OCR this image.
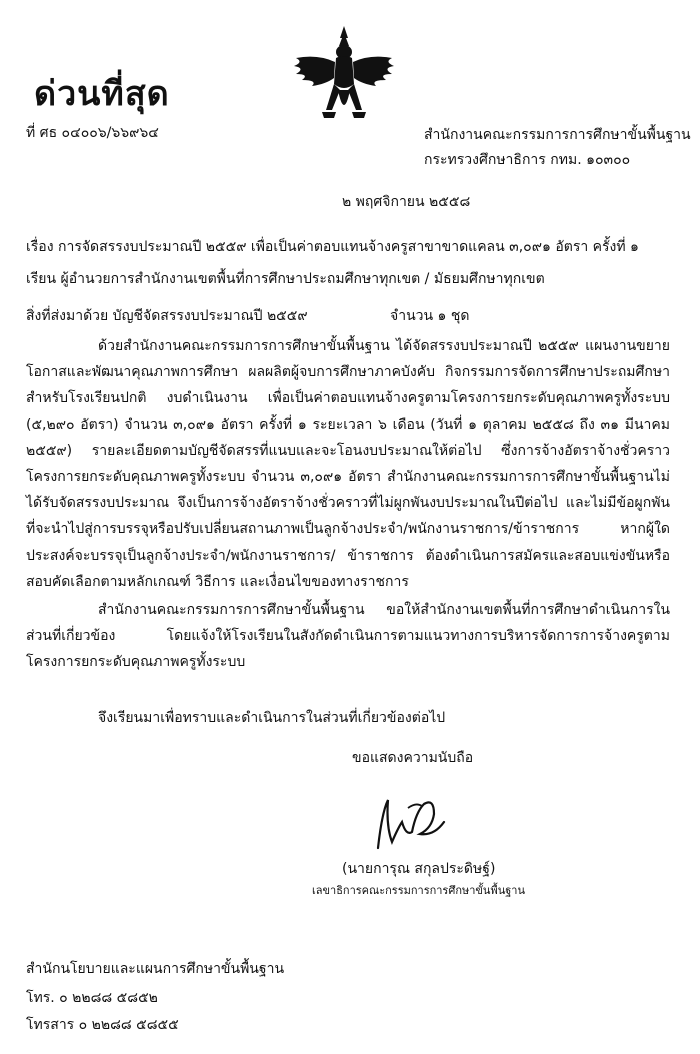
ด่วนที่สุด
ที่ ศธ ๐๔๐๐๖/๖๖๙๖๔	สำนักงานคณะกรรมการการศึกษาขั้นพื้นฐาน
กระทรวงศึกษาธิการ กทม. ๑๐๓๐๐
๒ พฤศจิกายน ๒๕๕๘
เรื่อง การจัดสรรงบประมาณปี ๒๕๕๙ เพื่อเป็นค่าตอบแทนจ้างครูสาขาขาดแคลน ๓,๐๙๑ อัตรา ครั้งที่ ๑
เรียน ผู้อำนวยการสำนักงานเขตพื้นที่การศึกษาประถมศึกษาทุกเขต / มัธยมศึกษาทุกเขต
สิ่งที่ส่งมาด้วย บัญชีจัดสรรงบประมาณปี ๒๕๕๙	จำนวน ๑ ชุด
ด้วยสำนักงานคณะกรรมการการศึกษาขั้นพื้นฐาน ได้จัดสรรงบประมาณปี ๒๕๕๙ แผนงานขยายโอกาสและพัฒนาคุณภาพการศึกษา ผลผลิตผู้จบการศึกษาภาคบังคับ กิจกรรมการจัดการศึกษาประถมศึกษาสำหรับโรงเรียนปกติ งบดำเนินงาน เพื่อเป็นค่าตอบแทนจ้างครูตามโครงการยกระดับคุณภาพครูทั้งระบบ (๕,๒๙๐ อัตรา) จำนวน ๓,๐๙๑ อัตรา ครั้งที่ ๑ ระยะเวลา ๖ เดือน (วันที่ ๑ ตุลาคม ๒๕๕๘ ถึง ๓๑ มีนาคม ๒๕๕๙) รายละเอียดตามบัญชีจัดสรรที่แนบและจะโอนงบประมาณให้ต่อไป ซึ่งการจ้างอัตราจ้างชั่วคราวโครงการยกระดับคุณภาพครูทั้งระบบ จำนวน ๓,๐๙๑ อัตรา สำนักงานคณะกรรมการการศึกษาขั้นพื้นฐานไม่ได้รับจัดสรรงบประมาณ จึงเป็นการจ้างอัตราจ้างชั่วคราวที่ไม่ผูกพันงบประมาณในปีต่อไป และไม่มีข้อผูกพันที่จะนำไปสู่การบรรจุหรือปรับเปลี่ยนสถานภาพเป็นลูกจ้างประจำ/พนักงานราชการ/ข้าราชการ หากผู้ใดประสงค์จะบรรจุเป็นลูกจ้างประจำ/พนักงานราชการ/ ข้าราชการ ต้องดำเนินการสมัครและสอบแข่งขันหรือสอบคัดเลือกตามหลักเกณฑ์ วิธีการ และเงื่อนไขของทางราชการ
สำนักงานคณะกรรมการการศึกษาขั้นพื้นฐาน ขอให้สำนักงานเขตพื้นที่การศึกษาดำเนินการในส่วนที่เกี่ยวข้อง โดยแจ้งให้โรงเรียนในสังกัดดำเนินการตามแนวทางการบริหารจัดการการจ้างครูตามโครงการยกระดับคุณภาพครูทั้งระบบ
จึงเรียนมาเพื่อทราบและดำเนินการในส่วนที่เกี่ยวข้องต่อไป
ขอแสดงความนับถือ
(นายการุณ สกุลประดิษฐ์)
เลขาธิการคณะกรรมการการศึกษาขั้นพื้นฐาน
สำนักนโยบายและแผนการศึกษาขั้นพื้นฐาน
โทร. ๐ ๒๒๘๘ ๕๘๕๒
โทรสาร ๐ ๒๒๘๘ ๕๘๕๕
